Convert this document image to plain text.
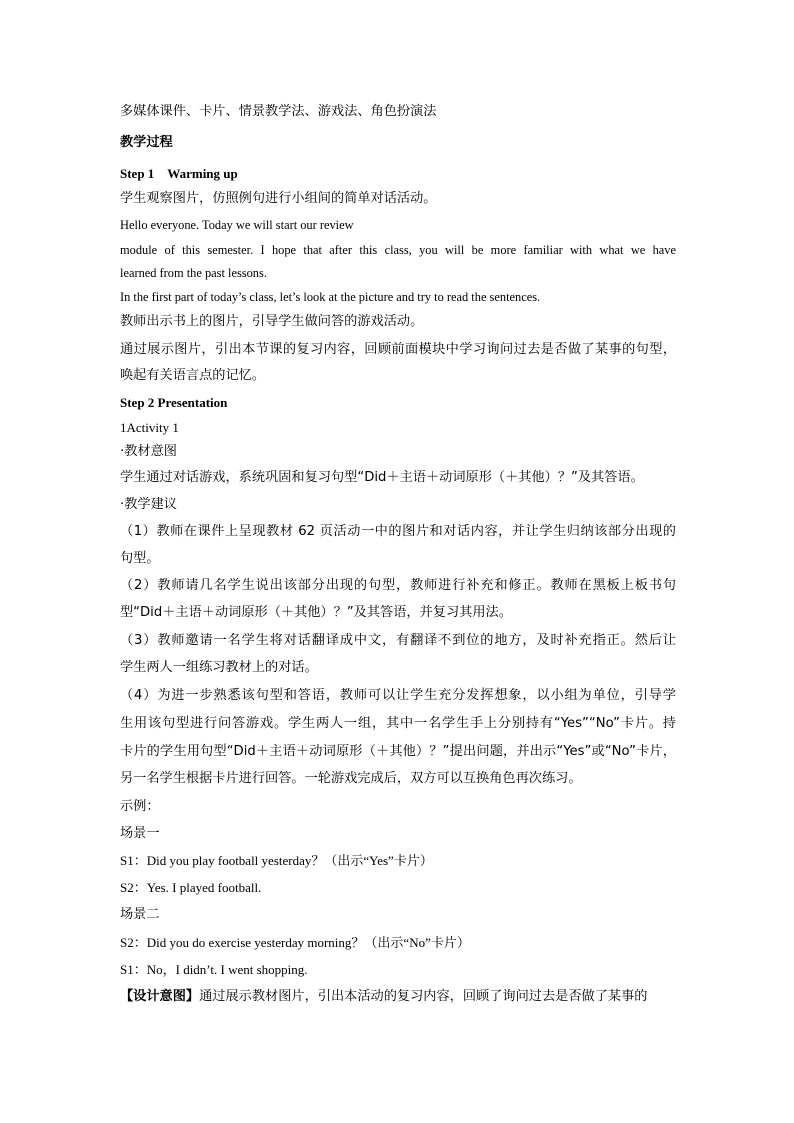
多媒体课件、卡片、情景教学法、游戏法、角色扮演法
教学过程
Step 1　Warming up
学生观察图片，仿照例句进行小组间的简单对话活动。
Hello everyone. Today we will start our review
module of this semester. I hope that after this class, you will be more familiar with what we have
learned from the past lessons.
In the first part of today’s class, let’s look at the picture and try to read the sentences.
教师出示书上的图片，引导学生做问答的游戏活动。
通过展示图片，引出本节课的复习内容，回顾前面模块中学习询问过去是否做了某事的句型，
唤起有关语言点的记忆。
Step 2 Presentation
1Activity 1
·教材意图
学生通过对话游戏，系统巩固和复习句型“Did＋主语＋动词原形（＋其他）？”及其答语。
·教学建议
（1）教师在课件上呈现教材 62 页活动一中的图片和对话内容，并让学生归纳该部分出现的
句型。
（2）教师请几名学生说出该部分出现的句型，教师进行补充和修正。教师在黑板上板书句
型“Did＋主语＋动词原形（＋其他）？”及其答语，并复习其用法。
（3）教师邀请一名学生将对话翻译成中文，有翻译不到位的地方，及时补充指正。然后让
学生两人一组练习教材上的对话。
（4）为进一步熟悉该句型和答语，教师可以让学生充分发挥想象，以小组为单位，引导学
生用该句型进行问答游戏。学生两人一组，其中一名学生手上分别持有“Yes”“No”卡片。持
卡片的学生用句型“Did＋主语＋动词原形（＋其他）？”提出问题，并出示“Yes”或“No”卡片，
另一名学生根据卡片进行回答。一轮游戏完成后，双方可以互换角色再次练习。
示例：
场景一
S1：Did you play football yesterday？（出示“Yes”卡片）
S2：Yes. I played football.
场景二
S2：Did you do exercise yesterday morning？（出示“No”卡片）
S1：No，I didn’t. I went shopping.
【设计意图】通过展示教材图片，引出本活动的复习内容，回顾了询问过去是否做了某事的
